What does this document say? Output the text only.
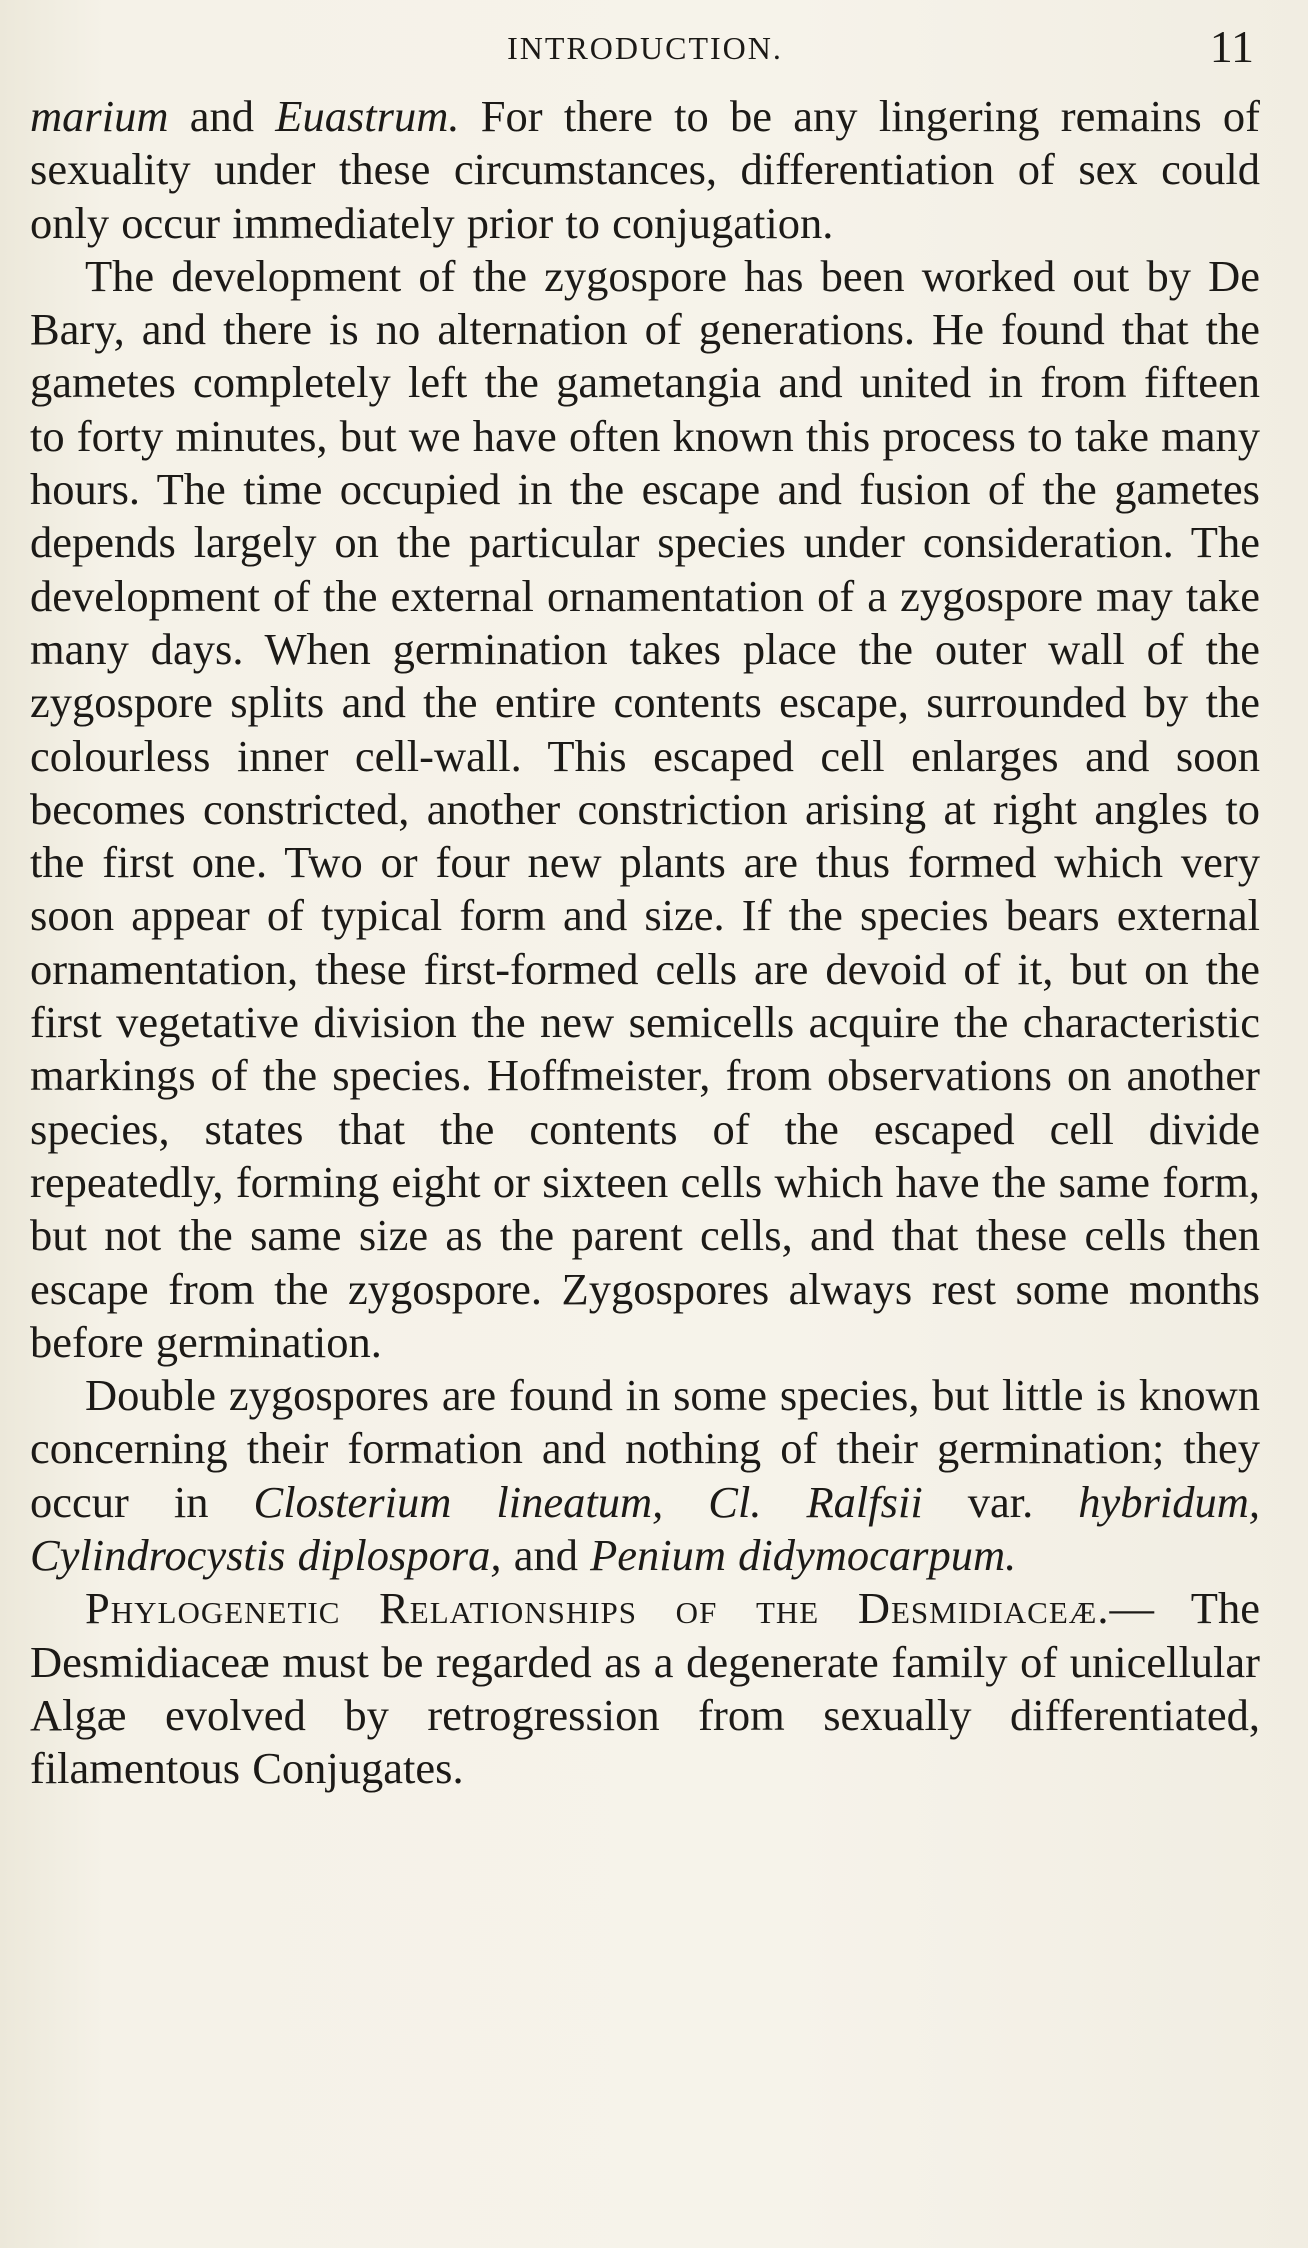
INTRODUCTION.	11

marium and Euastrum. For there to be any lingering remains of sexuality under these circumstances, differentiation of sex could only occur immediately prior to conjugation.

The development of the zygospore has been worked out by De Bary, and there is no alternation of generations. He found that the gametes completely left the gametangia and united in from fifteen to forty minutes, but we have often known this process to take many hours. The time occupied in the escape and fusion of the gametes depends largely on the particular species under consideration. The development of the external ornamentation of a zygospore may take many days. When germination takes place the outer wall of the zygospore splits and the entire contents escape, surrounded by the colourless inner cell-wall. This escaped cell enlarges and soon becomes constricted, another constriction arising at right angles to the first one. Two or four new plants are thus formed which very soon appear of typical form and size. If the species bears external ornamentation, these first-formed cells are devoid of it, but on the first vegetative division the new semicells acquire the characteristic markings of the species. Hoffmeister, from observations on another species, states that the contents of the escaped cell divide repeatedly, forming eight or sixteen cells which have the same form, but not the same size as the parent cells, and that these cells then escape from the zygospore. Zygospores always rest some months before germination.

Double zygospores are found in some species, but little is known concerning their formation and nothing of their germination; they occur in Closterium lineatum, Cl. Ralfsii var. hybridum, Cylindrocystis diplospora, and Penium didymocarpum.

Phylogenetic Relationships of the Desmidiaceæ.— The Desmidiaceæ must be regarded as a degenerate family of unicellular Algæ evolved by retrogression from sexually differentiated, filamentous Conjugates.
